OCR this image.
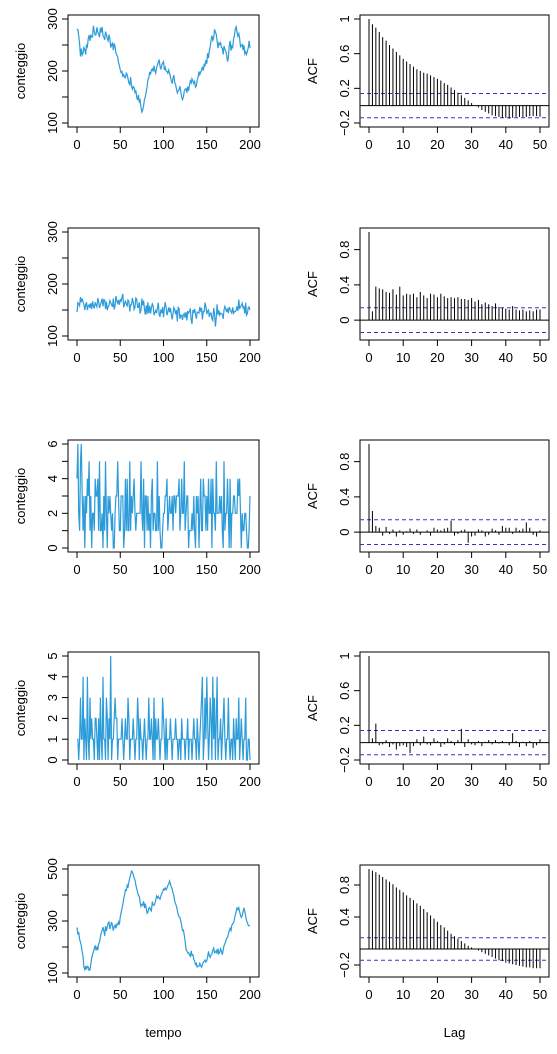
0 50 100 150 200
100
200
300
conteggio
0 10 20 30 40 50
−0.2
0.2
0.6
1
ACF
0 50 100 150 200
100
200
300
conteggio
0 10 20 30 40 50
0
0.4
0.8
ACF
0 50 100 150 200
0
2
4
6
conteggio
0 10 20 30 40 50
0
0.4
0.8
ACF
0 50 100 150 200
0
1
2
3
4
5
conteggio
0 10 20 30 40 50
−0.2
0.2
0.6
1
ACF
0 50 100 150 200
100
300
500
conteggio
0 10 20 30 40 50
−0.2
0.4
0.8
ACF
tempo	Lag
